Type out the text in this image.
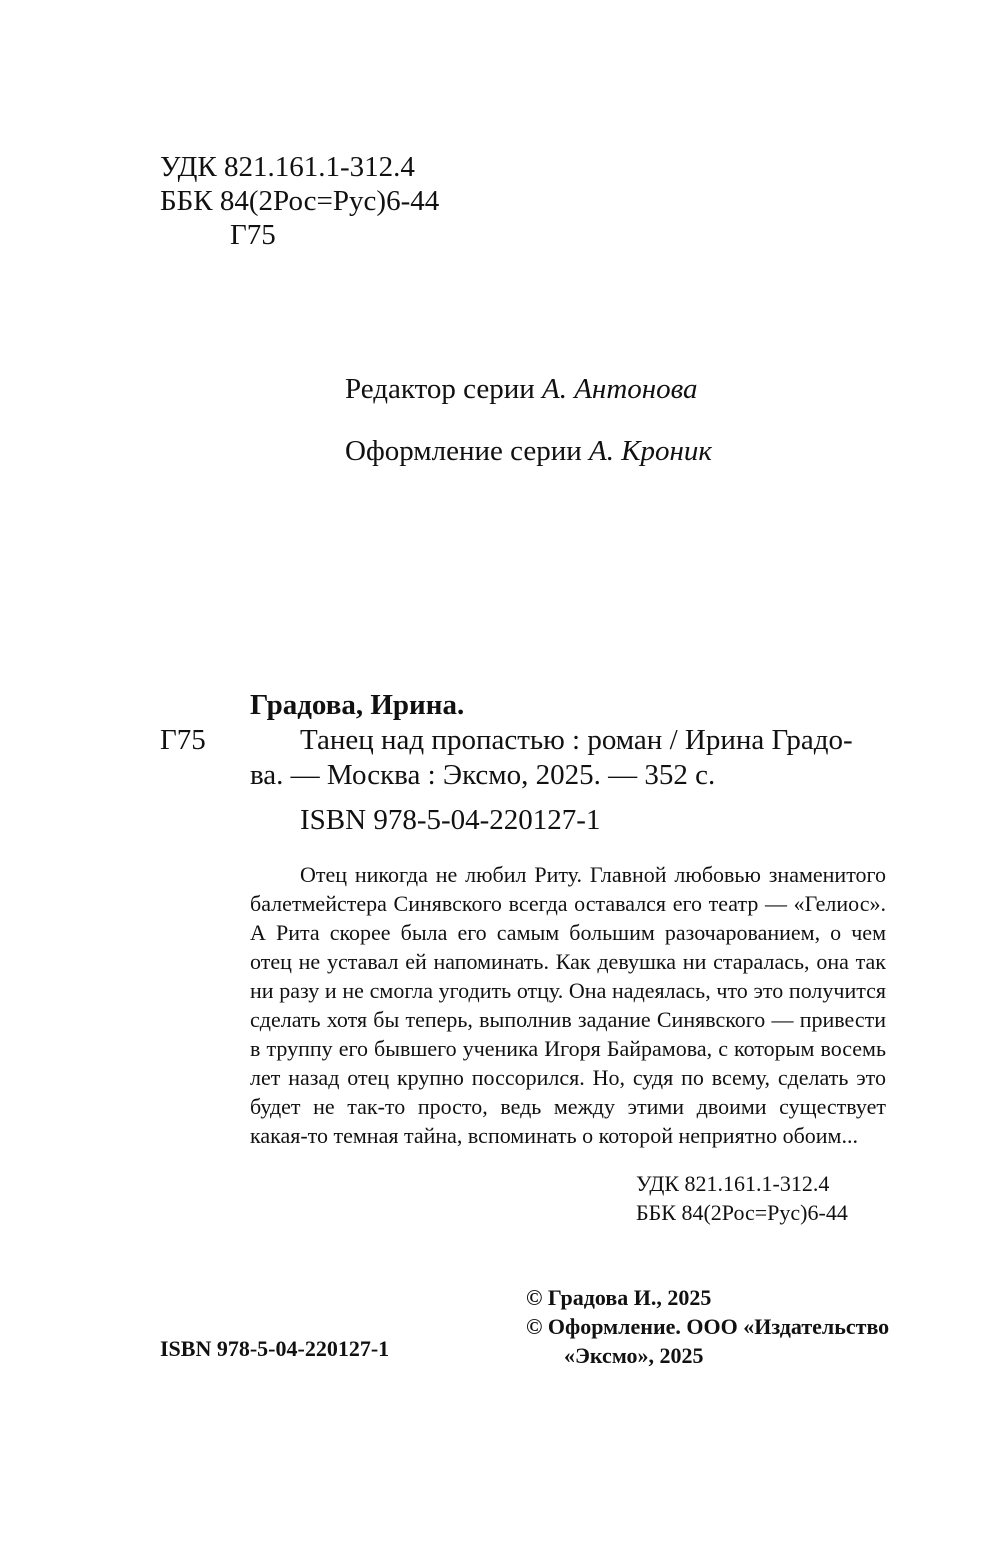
УДК 821.161.1-312.4
ББК 84(2Рос=Рус)6-44
Г75
Редактор серии А. Антонова
Оформление серии А. Кроник
Градова, Ирина.
Г75	Танец над пропастью : роман / Ирина Градо-
ва. — Москва : Эксмо, 2025. — 352 с.
ISBN 978-5-04-220127-1

Отец никогда не любил Риту. Главной любовью знаменитого балетмейстера Синявского всегда оставался его театр — «Гелиос». А Рита скорее была его самым большим разочарованием, о чем отец не уставал ей напоминать. Как девушка ни старалась, она так ни разу и не смогла угодить отцу. Она надеялась, что это получится сделать хотя бы теперь, выполнив задание Синявского — привести в труппу его бывшего ученика Игоря Байрамова, с которым восемь лет назад отец крупно поссорился. Но, судя по всему, сделать это будет не так-то просто, ведь между этими двоими существует какая-то темная тайна, вспоминать о которой неприятно обоим...

УДК 821.161.1-312.4
ББК 84(2Рос=Рус)6-44
© Градова И., 2025
© Оформление. ООО «Издательство
«Эксмо», 2025
ISBN 978-5-04-220127-1
